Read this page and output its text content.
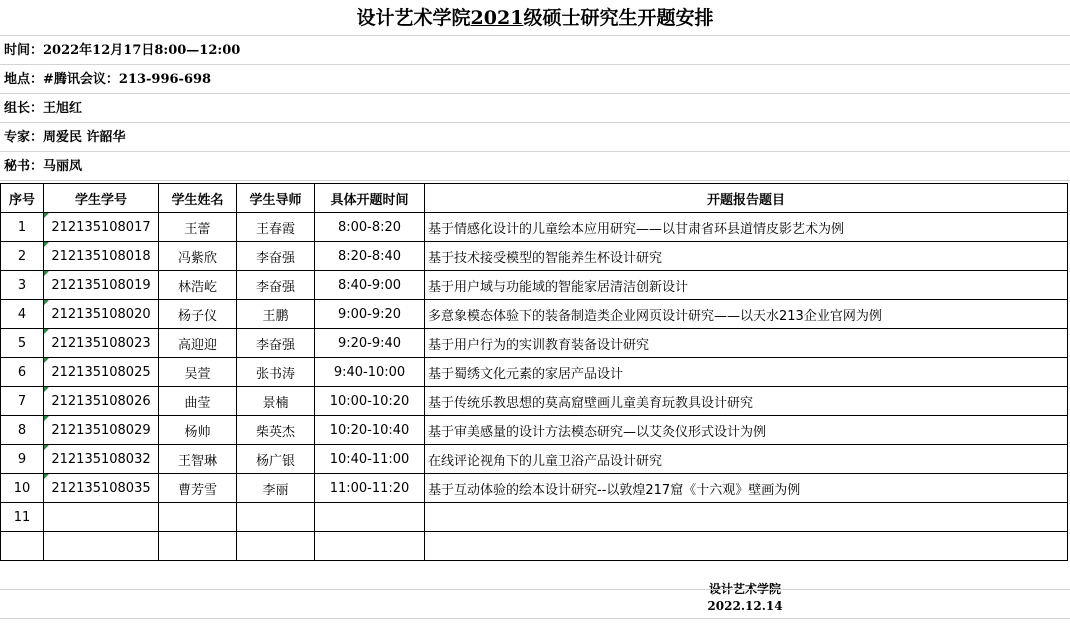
设计艺术学院2021级硕士研究生开题安排
时间：2022年12月17日8:00—12:00
地点：#腾讯会议：213-996-698
组长：王旭红
专家：周爱民 许韶华
秘书：马丽凤
序号	学生学号	学生姓名	学生导师	具体开题时间	开题报告题目
1	212135108017	王蕾	王春霞	8:00-8:20	基于情感化设计的儿童绘本应用研究——以甘肃省环县道情皮影艺术为例
2	212135108018	冯紫欣	李奋强	8:20-8:40	基于技术接受模型的智能养生杯设计研究
3	212135108019	林浩屹	李奋强	8:40-9:00	基于用户域与功能域的智能家居清洁创新设计
4	212135108020	杨子仪	王鹏	9:00-9:20	多意象模态体验下的装备制造类企业网页设计研究——以天水213企业官网为例
5	212135108023	高迎迎	李奋强	9:20-9:40	基于用户行为的实训教育装备设计研究
6	212135108025	吴萱	张书涛	9:40-10:00	基于蜀绣文化元素的家居产品设计
7	212135108026	曲莹	景楠	10:00-10:20	基于传统乐教思想的莫高窟壁画儿童美育玩教具设计研究
8	212135108029	杨帅	柴英杰	10:20-10:40	基于审美感量的设计方法模态研究—以艾灸仪形式设计为例
9	212135108032	王智琳	杨广银	10:40-11:00	在线评论视角下的儿童卫浴产品设计研究
10	212135108035	曹芳雪	李丽	11:00-11:20	基于互动体验的绘本设计研究--以敦煌217窟《十六观》壁画为例
11					

设计艺术学院
2022.12.14
